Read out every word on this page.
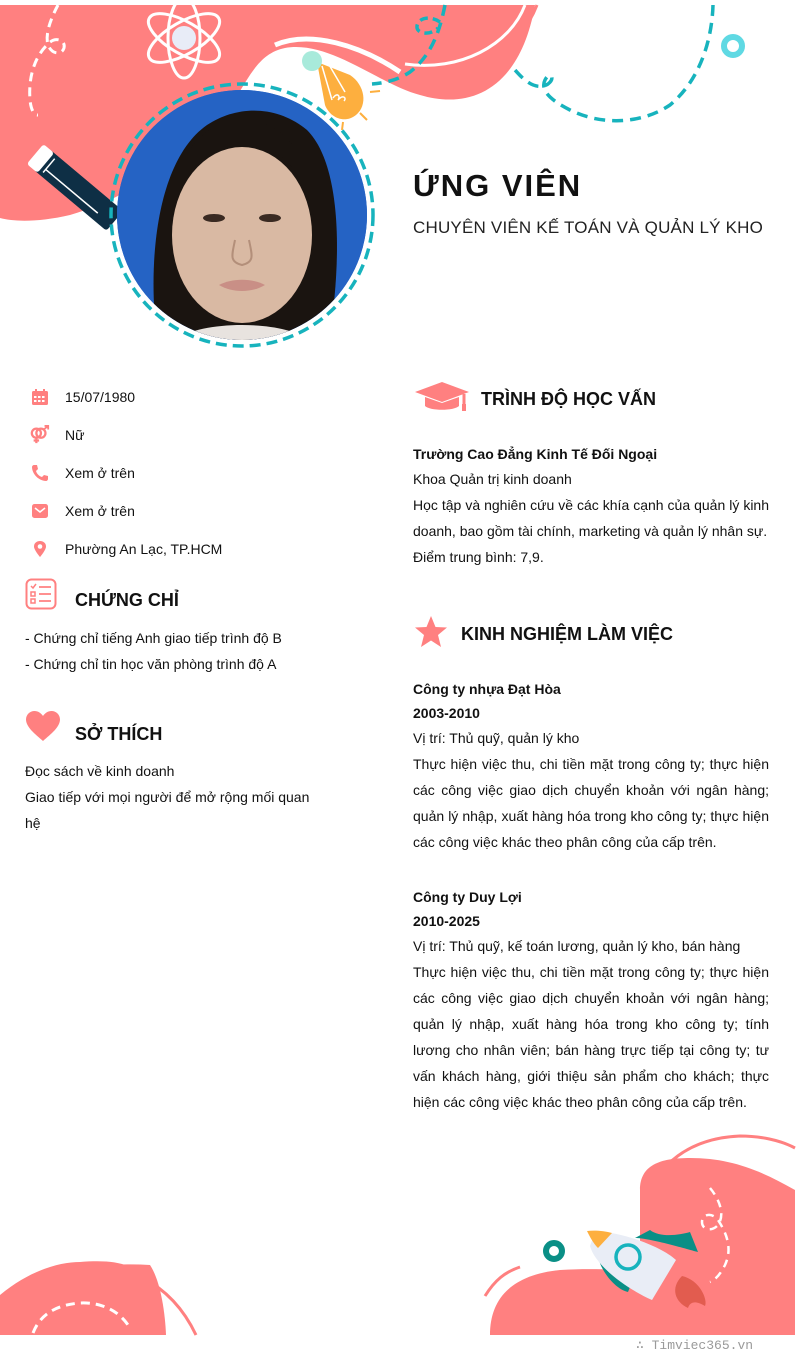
ỨNG VIÊN
CHUYÊN VIÊN KẾ TOÁN VÀ QUẢN LÝ KHO
15/07/1980
Nữ
Xem ở trên
Xem ở trên
Phường An Lạc, TP.HCM
CHỨNG CHỈ
- Chứng chỉ tiếng Anh giao tiếp trình độ B
- Chứng chỉ tin học văn phòng trình độ A
SỞ THÍCH
Đọc sách về kinh doanh
Giao tiếp với mọi người để mở rộng mối quan hệ
TRÌNH ĐỘ HỌC VẤN
Trường Cao Đẳng Kinh Tế Đối Ngoại
Khoa Quản trị kinh doanh
Học tập và nghiên cứu về các khía cạnh của quản lý kinh doanh, bao gồm tài chính, marketing và quản lý nhân sự.
Điểm trung bình: 7,9.
KINH NGHIỆM LÀM VIỆC
Công ty nhựa Đạt Hòa
2003-2010
Vị trí: Thủ quỹ, quản lý kho
Thực hiện việc thu, chi tiền mặt trong công ty; thực hiện các công việc giao dịch chuyển khoản với ngân hàng; quản lý nhập, xuất hàng hóa trong kho công ty; thực hiện các công việc khác theo phân công của cấp trên.
Công ty Duy Lợi
2010-2025
Vị trí: Thủ quỹ, kế toán lương, quản lý kho, bán hàng
Thực hiện việc thu, chi tiền mặt trong công ty; thực hiện các công việc giao dịch chuyển khoản với ngân hàng; quản lý nhập, xuất hàng hóa trong kho công ty; tính lương cho nhân viên; bán hàng trực tiếp tại công ty; tư vấn khách hàng, giới thiệu sản phẩm cho khách; thực hiện các công việc khác theo phân công của cấp trên.
∴ Timviec365.vn
